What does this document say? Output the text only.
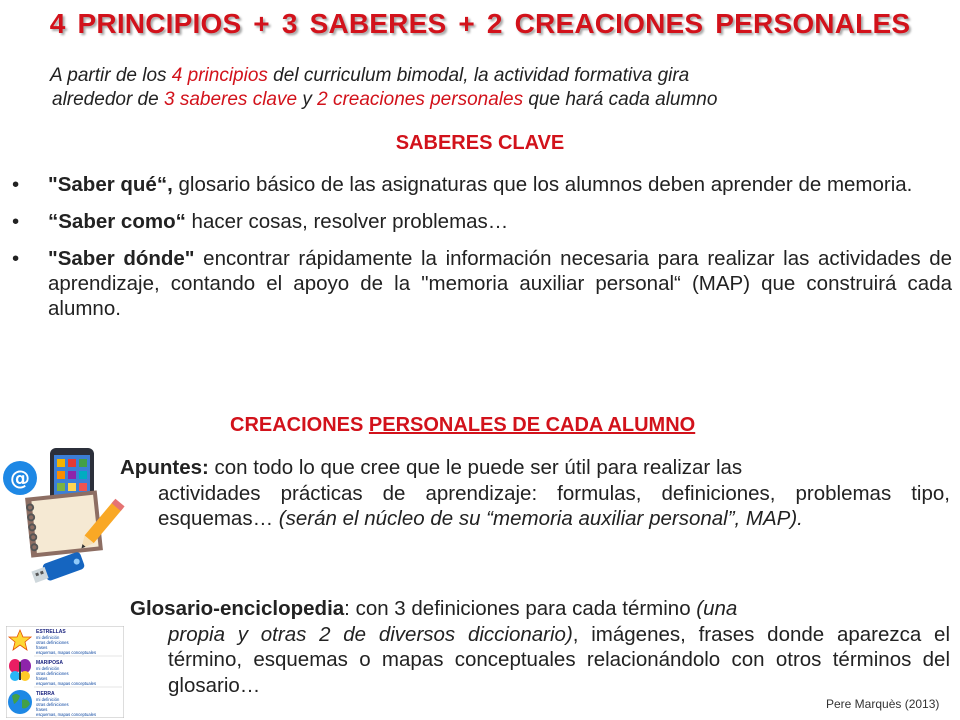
4 PRINCIPIOS + 3 SABERES + 2 CREACIONES PERSONALES
A partir de los 4 principios del curriculum bimodal, la actividad formativa gira
alrededor de 3 saberes clave y 2 creaciones personales que hará cada alumno
SABERES CLAVE
• "Saber qué“, glosario básico de las asignaturas que los alumnos deben aprender de memoria.
• “Saber como“ hacer cosas, resolver problemas…
• "Saber dónde" encontrar rápidamente la información necesaria para realizar las actividades de aprendizaje, contando el apoyo de la "memoria auxiliar personal“ (MAP) que construirá cada alumno.
CREACIONES PERSONALES DE CADA ALUMNO
@	Apuntes: con todo lo que cree que le puede ser útil para realizar las
actividades prácticas de aprendizaje: formulas, definiciones, problemas tipo, esquemas… (serán el núcleo de su “memoria auxiliar personal”, MAP).
ESTRELLAS
mi definición
otras definiciones
frases
esquemas, mapas conceptuales
MARIPOSA
mi definición
otras definiciones
frases
esquemas, mapas conceptuales
TIERRA
mi definición
otras definiciones
frases
esquemas, mapas conceptuales
Glosario-enciclopedia: con 3 definiciones para cada término (una
propia y otras 2 de diversos diccionario), imágenes, frases donde aparezca el término, esquemas o mapas conceptuales relacionándolo con otros términos del glosario…
Pere Marquès (2013)
